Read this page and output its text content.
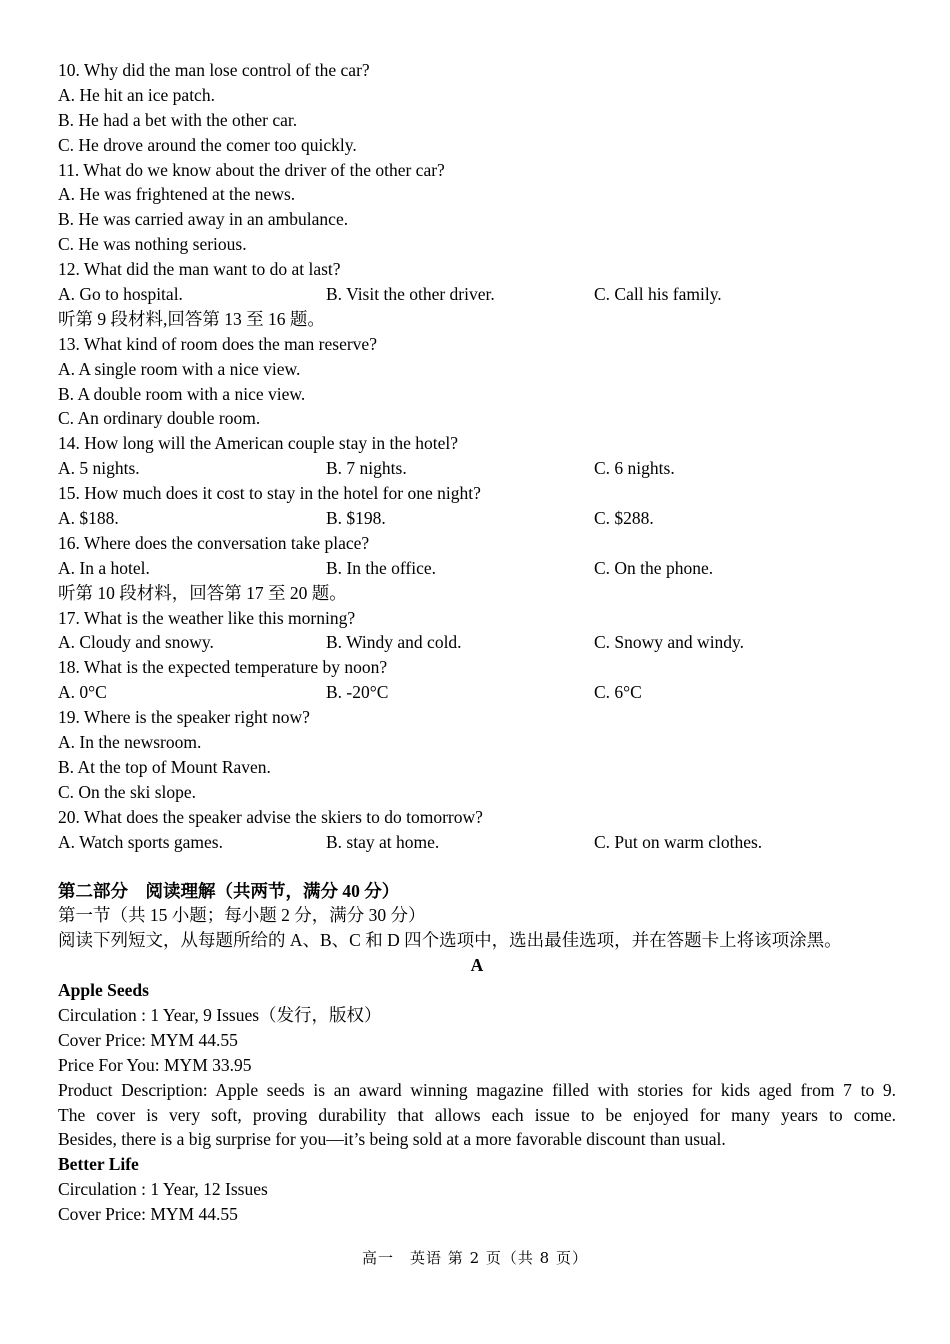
10. Why did the man lose control of the car?
A. He hit an ice patch.
B. He had a bet with the other car.
C. He drove around the comer too quickly.
11. What do we know about the driver of the other car?
A. He was frightened at the news.
B. He was carried away in an ambulance.
C. He was nothing serious.
12. What did the man want to do at last?
A. Go to hospital.	B. Visit the other driver.	C. Call his family.
听第 9 段材料,回答第 13 至 16 题。
13. What kind of room does the man reserve?
A. A single room with a nice view.
B. A double room with a nice view.
C. An ordinary double room.
14. How long will the American couple stay in the hotel?
A. 5 nights.	B. 7 nights.	C. 6 nights.
15. How much does it cost to stay in the hotel for one night?
A. $188.	B. $198.	C. $288.
16. Where does the conversation take place?
A. In a hotel.	B. In the office.	C. On the phone.
听第 10 段材料，回答第 17 至 20 题。
17. What is the weather like this morning?
A. Cloudy and snowy.	B. Windy and cold.	C. Snowy and windy.
18. What is the expected temperature by noon?
A. 0°C	B. -20°C	C. 6°C
19. Where is the speaker right now?
A. In the newsroom.
B. At the top of Mount Raven.
C. On the ski slope.
20. What does the speaker advise the skiers to do tomorrow?
A. Watch sports games.	B. stay at home.	C. Put on warm clothes.
第二部分　阅读理解（共两节，满分 40 分）
第一节（共 15 小题；每小题 2 分，满分 30 分）
阅读下列短文，从每题所给的 A、B、C 和 D 四个选项中，选出最佳选项，并在答题卡上将该项涂黑。
A
Apple Seeds
Circulation : 1 Year, 9 Issues（发行，版权）
Cover Price: MYM 44.55
Price For You: MYM 33.95
Product Description: Apple seeds is an award winning magazine filled with stories for kids aged from 7 to 9.
The cover is very soft, proving durability that allows each issue to be enjoyed for many years to come.
Besides, there is a big surprise for you—it’s being sold at a more favorable discount than usual.
Better Life
Circulation : 1 Year, 12 Issues
Cover Price: MYM 44.55
高一　英语 第 2 页（共 8 页）
